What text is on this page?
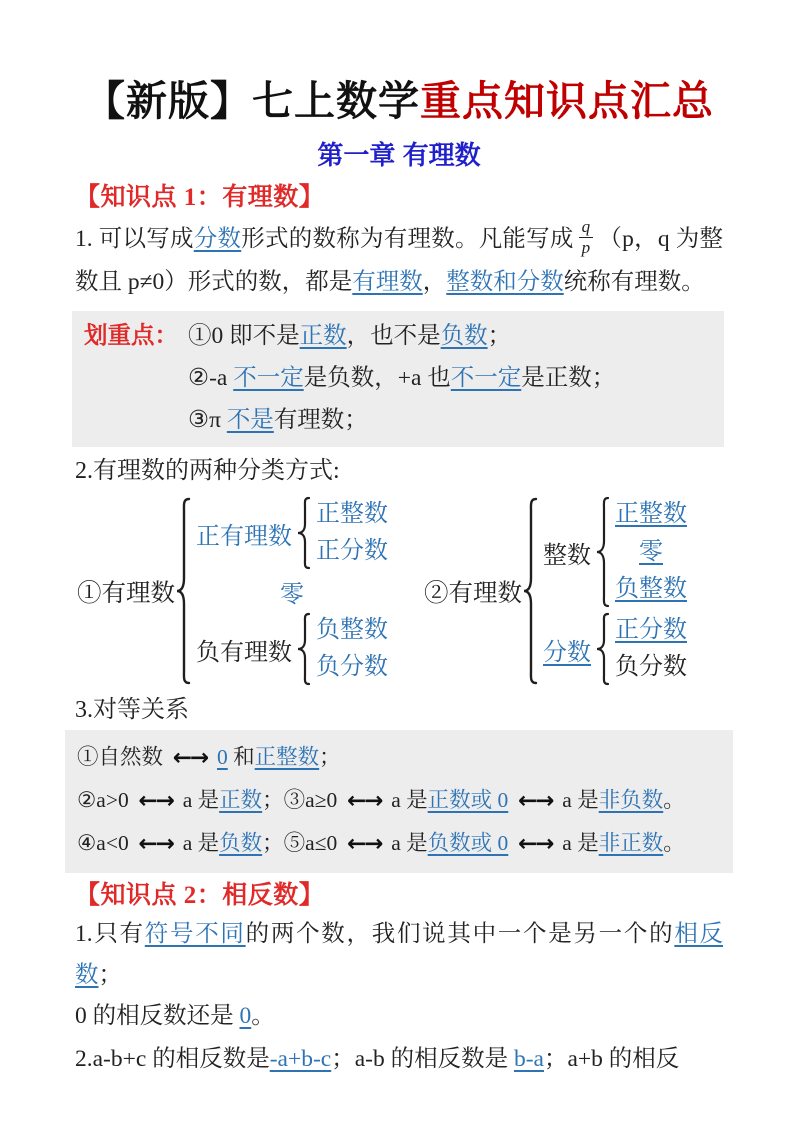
【新版】七上数学重点知识点汇总
第一章 有理数
【知识点 1：有理数】

1. 可以写成分数形式的数称为有理数。凡能写成 $\frac{q}{p} (p$，q 为整数且 p≠0）形式的数，都是有理数，整数和分数统称有理数。

划重点： ①0 即不是正数，也不是负数；
②-a 不一定是负数，+a 也不一定是正数；
③π 不是有理数；
2.有理数的两种分类方式:
①有理数
正有理数
正整数
正分数
零
负有理数
负整数
负分数
②有理数
整数
正整数
零
负整数
分数
正分数
负分数
3.对等关系
①自然数 ←→ 0 和正整数；
②a>0 ←→ a 是正数；③a≥0 ←→ a 是正数或 0 ←→ a 是非负数。
④a<0 ←→ a 是负数；⑤a≤0 ←→ a 是负数或 0 ←→ a 是非正数。
【知识点 2：相反数】

1.只有符号不同的两个数，我们说其中一个是另一个的相反数；
0 的相反数还是 0。

2.a-b+c 的相反数是-a+b-c；a-b 的相反数是 b-a；a+b 的相反
